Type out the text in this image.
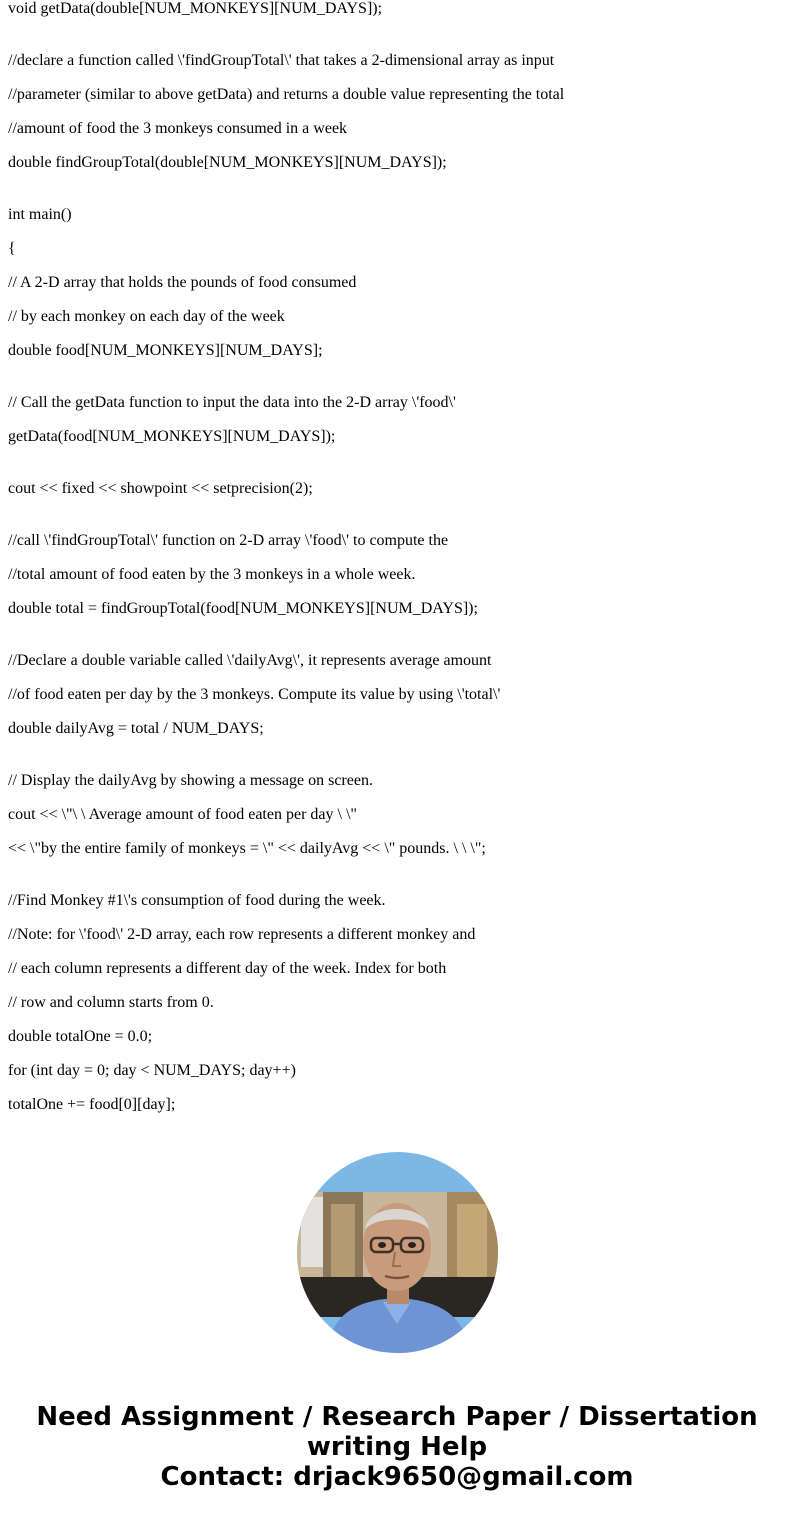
void getData(double[NUM_MONKEYS][NUM_DAYS]);
//declare a function called \'findGroupTotal\' that takes a 2-dimensional array as input
//parameter (similar to above getData) and returns a double value representing the total
//amount of food the 3 monkeys consumed in a week
double findGroupTotal(double[NUM_MONKEYS][NUM_DAYS]);
int main()
{
// A 2-D array that holds the pounds of food consumed
// by each monkey on each day of the week
double food[NUM_MONKEYS][NUM_DAYS];
// Call the getData function to input the data into the 2-D array \'food\'
getData(food[NUM_MONKEYS][NUM_DAYS]);
cout << fixed << showpoint << setprecision(2);
//call \'findGroupTotal\' function on 2-D array \'food\' to compute the
//total amount of food eaten by the 3 monkeys in a whole week.
double total = findGroupTotal(food[NUM_MONKEYS][NUM_DAYS]);
//Declare a double variable called \'dailyAvg\', it represents average amount
//of food eaten per day by the 3 monkeys. Compute its value by using \'total\'
double dailyAvg = total / NUM_DAYS;
// Display the dailyAvg by showing a message on screen.
cout << \"\ \ Average amount of food eaten per day \ \"
<< \"by the entire family of monkeys = \" << dailyAvg << \" pounds. \ \ \";
//Find Monkey #1\'s consumption of food during the week.
//Note: for \'food\' 2-D array, each row represents a different monkey and
// each column represents a different day of the week. Index for both
// row and column starts from 0.
double totalOne = 0.0;
for (int day = 0; day < NUM_DAYS; day++)
totalOne += food[0][day];
Need Assignment / Research Paper / Dissertation
writing Help
Contact: drjack9650@gmail.com
